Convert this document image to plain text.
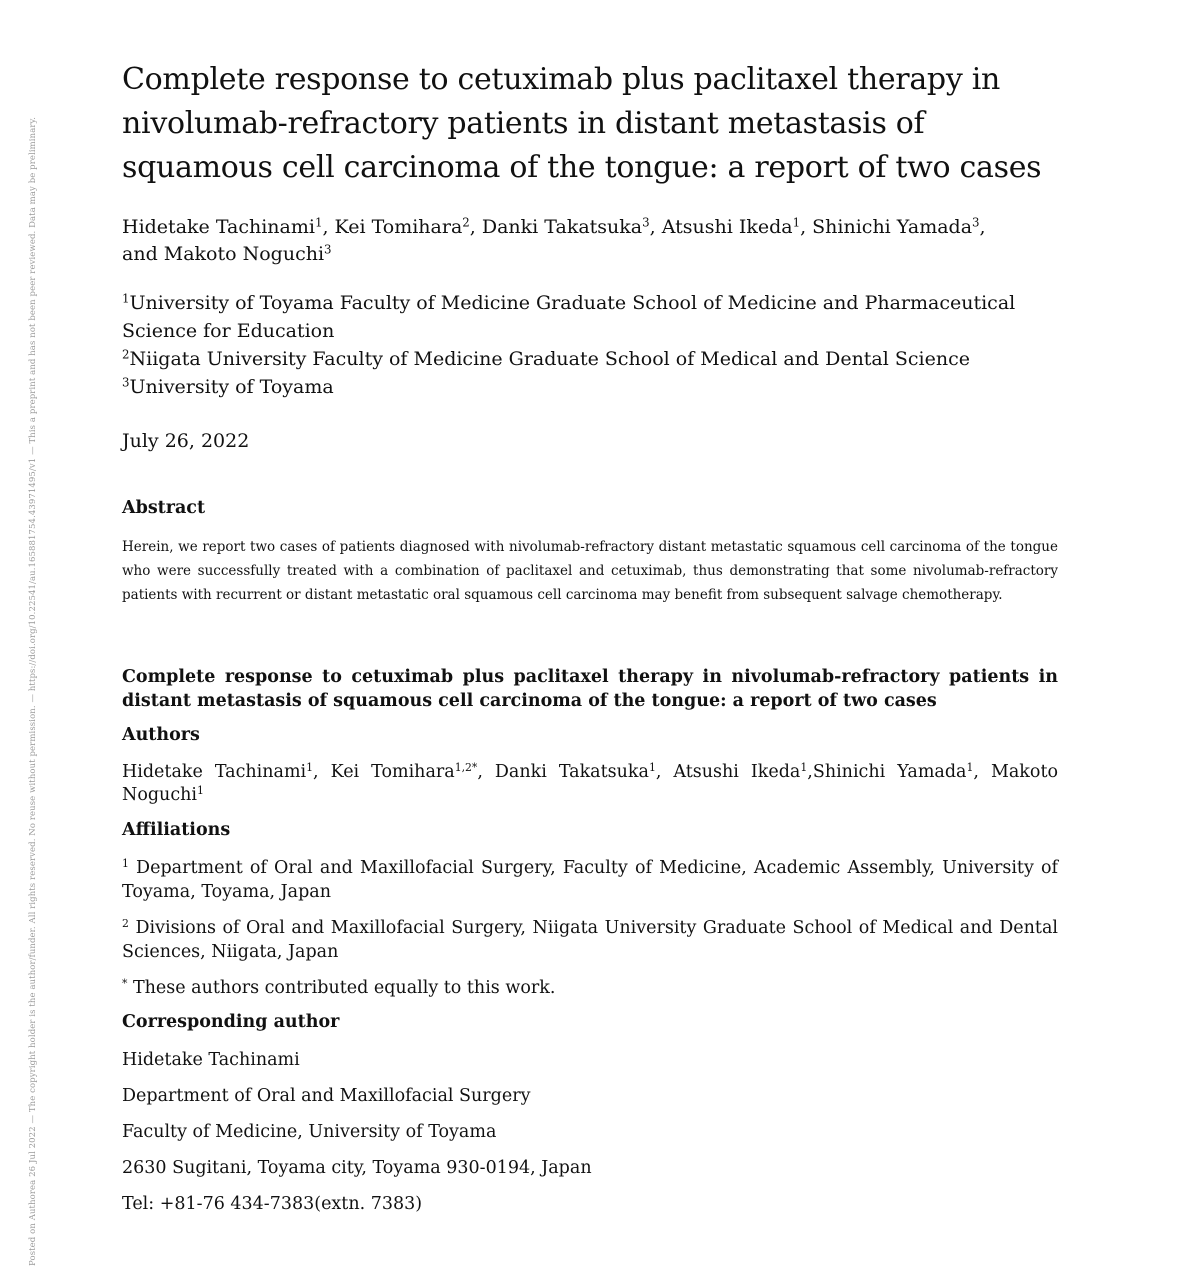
Posted on Authorea 26 Jul 2022 — The copyright holder is the author/funder. All rights reserved. No reuse without permission. — https://doi.org/10.22541/au.165881754.43971495/v1 — This a preprint and has not been peer reviewed. Data may be preliminary.
Complete response to cetuximab plus paclitaxel therapy in nivolumab-refractory patients in distant metastasis of squamous cell carcinoma of the tongue: a report of two cases
Hidetake Tachinami$^1$, Kei Tomihara$^2$, Danki Takatsuka$^3$, Atsushi Ikeda$^1$, Shinichi Yamada$^3$, and Makoto Noguchi$^3$
$^1$University of Toyama Faculty of Medicine Graduate School of Medicine and Pharmaceutical Science for Education
$^2$Niigata University Faculty of Medicine Graduate School of Medical and Dental Science
$^3$University of Toyama
July 26, 2022
Abstract
Herein, we report two cases of patients diagnosed with nivolumab-refractory distant metastatic squamous cell carcinoma of the tongue who were successfully treated with a combination of paclitaxel and cetuximab, thus demonstrating that some nivolumab-refractory patients with recurrent or distant metastatic oral squamous cell carcinoma may benefit from subsequent salvage chemotherapy.
Complete response to cetuximab plus paclitaxel therapy in nivolumab-refractory patients in distant metastasis of squamous cell carcinoma of the tongue: a report of two cases
Authors
Hidetake Tachinami$^1$, Kei Tomihara$^{1,2*}$, Danki Takatsuka$^1$, Atsushi Ikeda$^1$,Shinichi Yamada$^1$, Makoto Noguchi$^1$
Affiliations
$^1$ Department of Oral and Maxillofacial Surgery, Faculty of Medicine, Academic Assembly, University of Toyama, Toyama, Japan
$^2$ Divisions of Oral and Maxillofacial Surgery, Niigata University Graduate School of Medical and Dental Sciences, Niigata, Japan
* These authors contributed equally to this work.
Corresponding author
Hidetake Tachinami
Department of Oral and Maxillofacial Surgery
Faculty of Medicine, University of Toyama
2630 Sugitani, Toyama city, Toyama 930-0194, Japan
Tel: +81-76 434-7383(extn. 7383)
